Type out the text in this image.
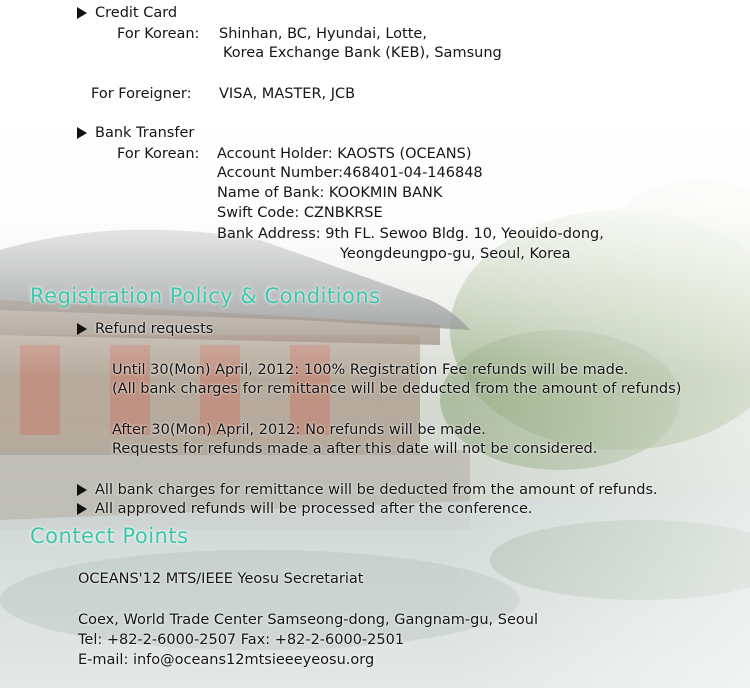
Credit Card
For Korean: Shinhan, BC, Hyundai, Lotte,
Korea Exchange Bank (KEB), Samsung
For Foreigner: VISA, MASTER, JCB
Bank Transfer
For Korean: Account Holder: KAOSTS (OCEANS)
Account Number:468401-04-146848
Name of Bank: KOOKMIN BANK
Swift Code: CZNBKRSE
Bank Address: 9th FL. Sewoo Bldg. 10, Yeouido-dong,
Yeongdeungpo-gu, Seoul, Korea
Registration Policy & Conditions
Refund requests
Until 30(Mon) April, 2012: 100% Registration Fee refunds will be made.
(All bank charges for remittance will be deducted from the amount of refunds)
After 30(Mon) April, 2012: No refunds will be made.
Requests for refunds made a after this date will not be considered.
All bank charges for remittance will be deducted from the amount of refunds.
All approved refunds will be processed after the conference.
Contect Points
OCEANS'12 MTS/IEEE Yeosu Secretariat
Coex, World Trade Center Samseong-dong, Gangnam-gu, Seoul
Tel: +82-2-6000-2507 Fax: +82-2-6000-2501
E-mail: info@oceans12mtsieeeyeosu.org
